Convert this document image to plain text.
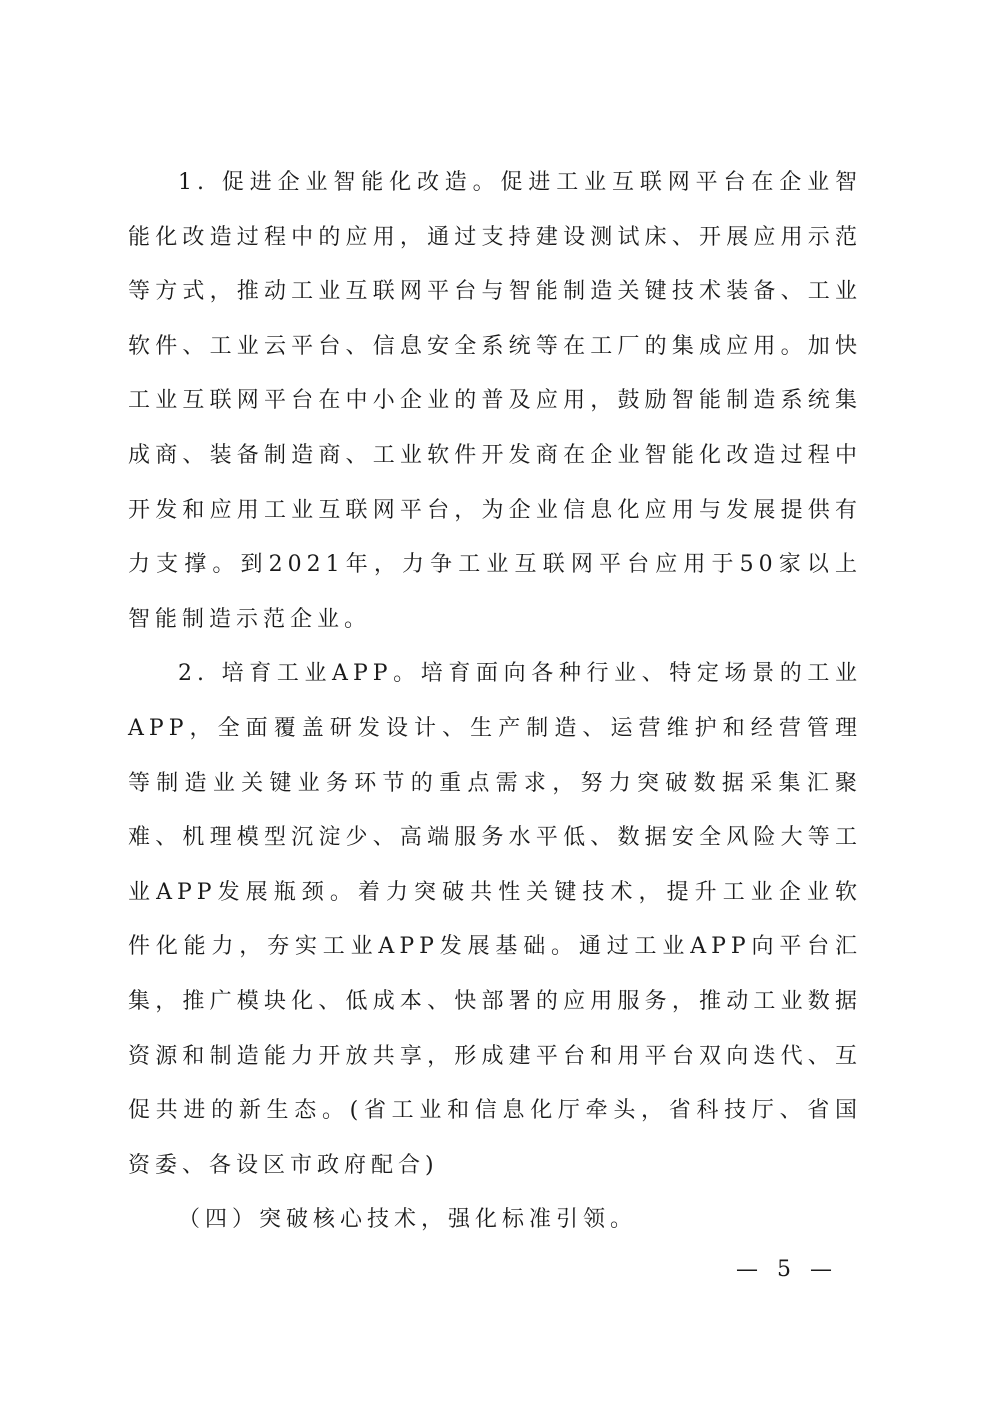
1. 促进企业智能化改造。促进工业互联网平台在企业智能化改造过程中的应用，通过支持建设测试床、开展应用示范等方式，推动工业互联网平台与智能制造关键技术装备、工业软件、工业云平台、信息安全系统等在工厂的集成应用。加快工业互联网平台在中小企业的普及应用，鼓励智能制造系统集成商、装备制造商、工业软件开发商在企业智能化改造过程中开发和应用工业互联网平台，为企业信息化应用与发展提供有力支撑。到2021年，力争工业互联网平台应用于50家以上智能制造示范企业。

2. 培育工业APP。培育面向各种行业、特定场景的工业APP，全面覆盖研发设计、生产制造、运营维护和经营管理等制造业关键业务环节的重点需求，努力突破数据采集汇聚难、机理模型沉淀少、高端服务水平低、数据安全风险大等工业APP发展瓶颈。着力突破共性关键技术，提升工业企业软件化能力，夯实工业APP发展基础。通过工业APP向平台汇集，推广模块化、低成本、快部署的应用服务，推动工业数据资源和制造能力开放共享，形成建平台和用平台双向迭代、互促共进的新生态。(省工业和信息化厅牵头，省科技厅、省国资委、各设区市政府配合)

（四）突破核心技术，强化标准引领。

— 5 —
